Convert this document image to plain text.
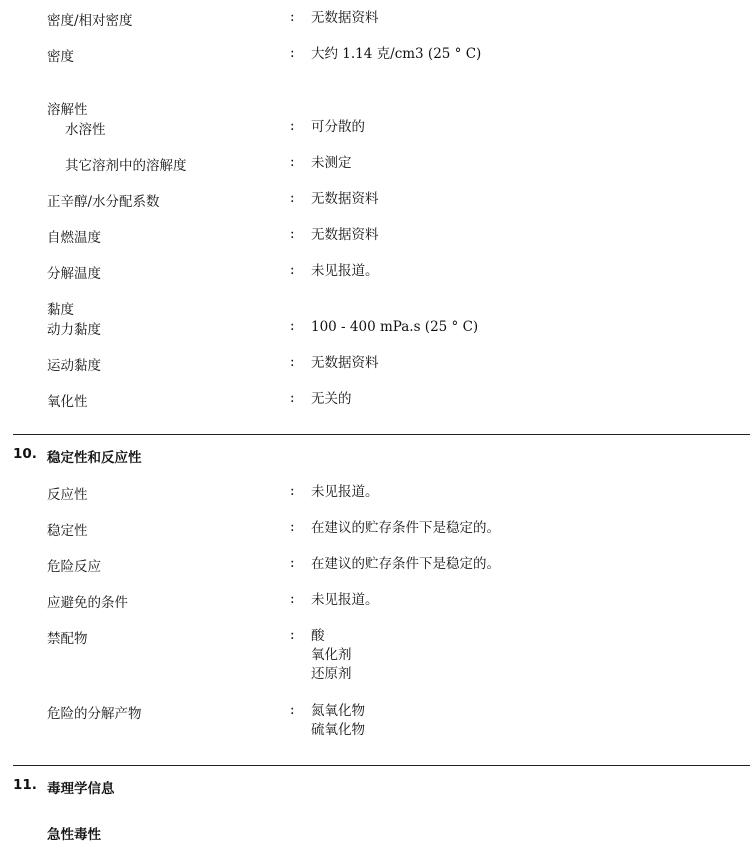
密度/相对密度	: 无数据资料
密度	: 大约 1.14 克/cm3 (25 ° C)
溶解性
水溶性	: 可分散的
其它溶剂中的溶解度	: 未测定
正辛醇/水分配系数	: 无数据资料
自燃温度	: 无数据资料
分解温度	: 未见报道。
黏度
动力黏度	: 100 - 400 mPa.s (25 ° C)
运动黏度	: 无数据资料
氧化性	: 无关的
10. 稳定性和反应性
反应性	: 未见报道。
稳定性	: 在建议的贮存条件下是稳定的。
危险反应	: 在建议的贮存条件下是稳定的。
应避免的条件	: 未见报道。
禁配物	: 酸
氧化剂
还原剂
危险的分解产物	: 氮氧化物
硫氧化物
11. 毒理学信息
急性毒性
